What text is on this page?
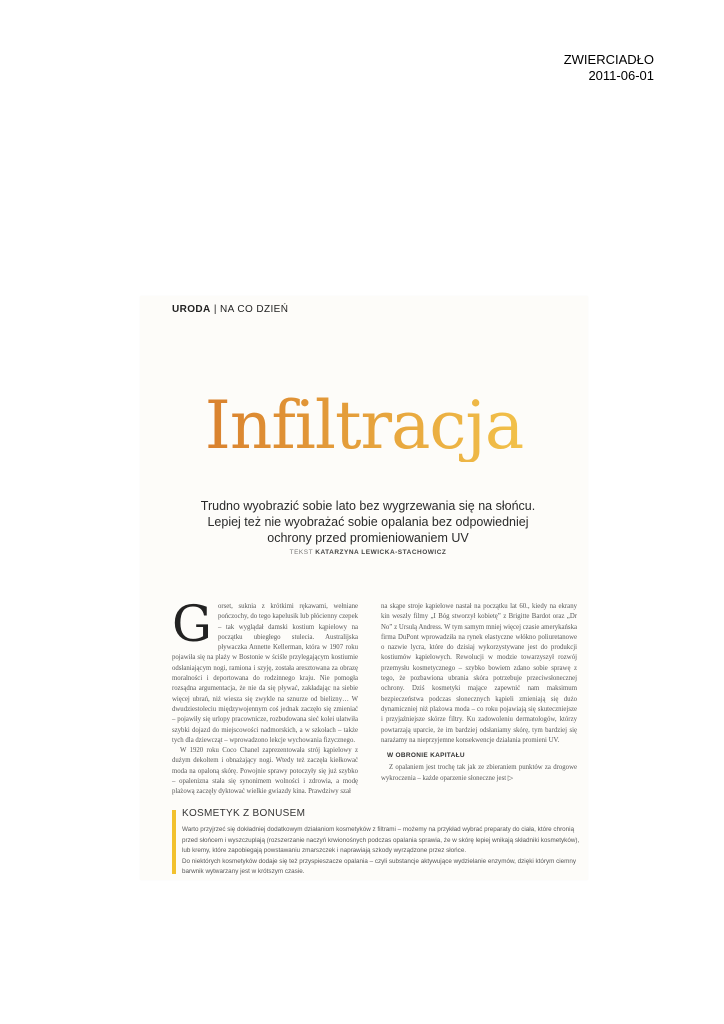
ZWIERCIADŁO
2011-06-01
URODA | NA CO DZIEŃ
Infiltracja
Trudno wyobrazić sobie lato bez wygrzewania się na słońcu. Lepiej też nie wyobrażać sobie opalania bez odpowiedniej ochrony przed promieniowaniem UV
TEKST KATARZYNA LEWICKA-STACHOWICZ
G orset, suknia z krótkimi rękawami, wełniane pończochy, do tego kapelusik lub płócienny czepek – tak wyglądał damski kostium kąpielowy na początku ubiegłego stulecia. Australijska pływaczka Annette Kellerman, która w 1907 roku pojawiła się na plaży w Bostonie w ściśle przylegającym kostiumie odsłaniającym nogi, ramiona i szyję, została aresztowana za obrazę moralności i deportowana do rodzinnego kraju. Nie pomogła rozsądna argumentacja, że nie da się pływać, zakładając na siebie więcej ubrań, niż wiesza się zwykle na sznurze od bielizny… W dwudziestoleciu międzywojennym coś jednak zaczęło się zmieniać – pojawiły się urlopy pracownicze, rozbudowana sieć kolei ułatwiła szybki dojazd do miejscowości nadmorskich, a w szkołach – także tych dla dziewcząt – wprowadzono lekcje wychowania fizycznego.

W 1920 roku Coco Chanel zaprezentowała strój kąpielowy z dużym dekoltem i obnażający nogi. Wtedy też zaczęła kiełkować moda na opaloną skórę. Powojnie sprawy potoczyły się już szybko – opalenizna stała się synonimem wolności i zdrowia, a modę plażową zaczęły dyktować wielkie gwiazdy kina. Prawdziwy szał

na skąpe stroje kąpielowe nastał na początku lat 60., kiedy na ekrany kin weszły filmy „I Bóg stworzył kobietę” z Brigitte Bardot oraz „Dr No” z Ursulą Andress. W tym samym mniej więcej czasie amerykańska firma DuPont wprowadziła na rynek elastyczne włókno poliuretanowe o nazwie lycra, które do dzisiaj wykorzystywane jest do produkcji kostiumów kąpielowych. Rewolucji w modzie towarzyszył rozwój przemysłu kosmetycznego – szybko bowiem zdano sobie sprawę z tego, że pozbawiona ubrania skóra potrzebuje przeciwsłonecznej ochrony. Dziś kosmetyki mające zapewnić nam maksimum bezpieczeństwa podczas słonecznych kąpieli zmieniają się dużo dynamiczniej niż plażowa moda – co roku pojawiają się skuteczniejsze i przyjaźniejsze skórze filtry. Ku zadowoleniu dermatologów, którzy powtarzają uparcie, że im bardziej odsłaniamy skórę, tym bardziej się narażamy na nieprzyjemne konsekwencje działania promieni UV.

W OBRONIE KAPITAŁU

Z opalaniem jest trochę tak jak ze zbieraniem punktów za drogowe wykroczenia – każde oparzenie słoneczne jest ▷

KOSMETYK Z BONUSEM

Warto przyjrzeć się dokładniej dodatkowym działaniom kosmetyków z filtrami – możemy na przykład wybrać preparaty do ciała, które chronią przed słońcem i wyszczuplają (rozszerzanie naczyń krwionośnych podczas opalania sprawia, że w skórę lepiej wnikają składniki kosmetyków), lub kremy, które zapobiegają powstawaniu zmarszczek i naprawiają szkody wyrządzone przez słońce.

Do niektórych kosmetyków dodaje się też przyspieszacze opalania – czyli substancje aktywujące wydzielanie enzymów, dzięki którym ciemny barwnik wytwarzany jest w krótszym czasie.
